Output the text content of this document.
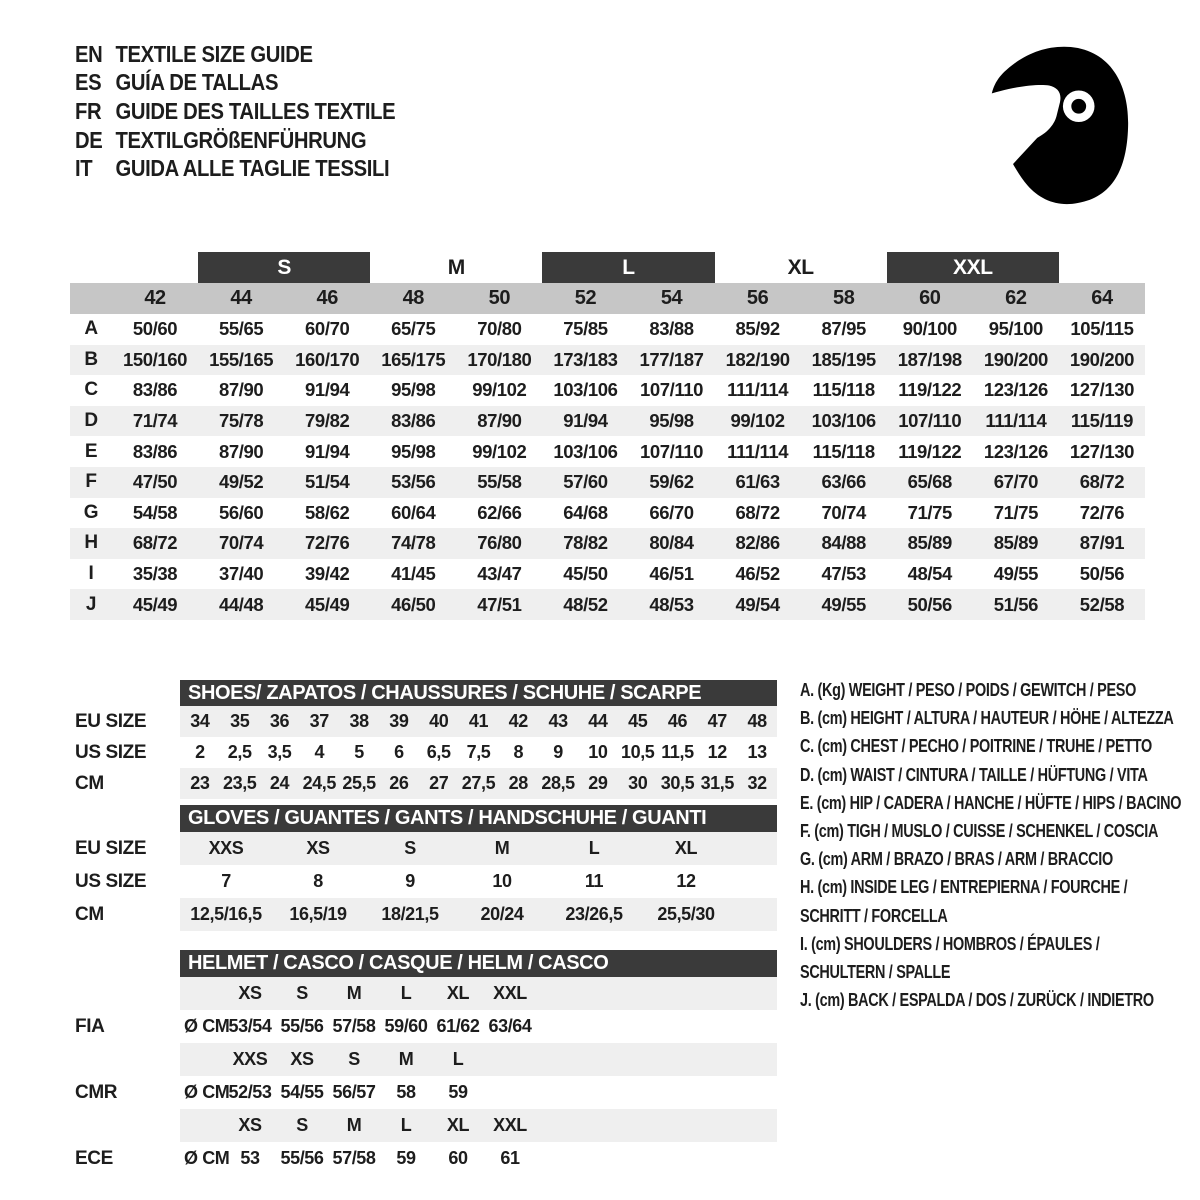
EN TEXTILE SIZE GUIDE
ES GUÍA DE TALLAS
FR GUIDE DES TAILLES TEXTILE
DE TEXTILGRÖßENFÜHRUNG
IT	GUIDA ALLE TAGLIE TESSILI
S	M	L	XL	XXL
42	44	46	48	50	52	54	56	58	60	62	64
A	50/60	55/65	60/70	65/75	70/80	75/85	83/88	85/92	87/95	90/100	95/100	105/115
B	150/160	155/165	160/170	165/175	170/180	173/183	177/187	182/190	185/195	187/198	190/200	190/200
C	83/86	87/90	91/94	95/98	99/102	103/106	107/110	111/114	115/118	119/122	123/126	127/130
D	71/74	75/78	79/82	83/86	87/90	91/94	95/98	99/102	103/106	107/110	111/114	115/119
E	83/86	87/90	91/94	95/98	99/102	103/106	107/110	111/114	115/118	119/122	123/126	127/130
F	47/50	49/52	51/54	53/56	55/58	57/60	59/62	61/63	63/66	65/68	67/70	68/72
G	54/58	56/60	58/62	60/64	62/66	64/68	66/70	68/72	70/74	71/75	71/75	72/76
H	68/72	70/74	72/76	74/78	76/80	78/82	80/84	82/86	84/88	85/89	85/89	87/91
I	35/38	37/40	39/42	41/45	43/47	45/50	46/51	46/52	47/53	48/54	49/55	50/56
J	45/49	44/48	45/49	46/50	47/51	48/52	48/53	49/54	49/55	50/56	51/56	52/58
SHOES/ ZAPATOS / CHAUSSURES / SCHUHE / SCARPE
EU SIZE	34	35	36	37	38	39	40	41	42	43	44	45	46	47	48
US SIZE	2	2,5 3,5	4	5	6	6,5 7,5	8	9	10 10,5 11,5 12	13
CM	23 23,5 24 24,5 25,5 26	27 27,5 28 28,5 29	30 30,5 31,5 32
GLOVES / GUANTES / GANTS / HANDSCHUHE / GUANTI
EU SIZE	XXS	XS	S	M	L	XL
US SIZE	7	8	9	10	11	12
CM	12,5/16,5	16,5/19	18/21,5	20/24	23/26,5	25,5/30
HELMET / CASCO / CASQUE / HELM / CASCO
XS	S	M	L	XL	XXL
FIA	Ø CM 53/54 55/56 57/58 59/60 61/62 63/64
XXS	XS	S	M	L
CMR	Ø CM 52/53 54/55 56/57	58	59
XS	S	M	L	XL	XXL
ECE	Ø CM 53	55/56 57/58	59	60	61
A. (Kg) WEIGHT / PESO / POIDS / GEWITCH / PESO
B. (cm) HEIGHT / ALTURA / HAUTEUR / HÖHE / ALTEZZA
C. (cm) CHEST / PECHO / POITRINE / TRUHE / PETTO
D. (cm) WAIST / CINTURA / TAILLE / HÜFTUNG / VITA
E. (cm) HIP / CADERA / HANCHE / HÜFTE / HIPS / BACINO
F. (cm) TIGH / MUSLO / CUISSE / SCHENKEL / COSCIA
G. (cm) ARM / BRAZO / BRAS / ARM / BRACCIO
H. (cm) INSIDE LEG / ENTREPIERNA / FOURCHE /
SCHRITT / FORCELLA
I. (cm) SHOULDERS / HOMBROS / ÉPAULES /
SCHULTERN / SPALLE
J. (cm) BACK / ESPALDA / DOS / ZURÜCK / INDIETRO
